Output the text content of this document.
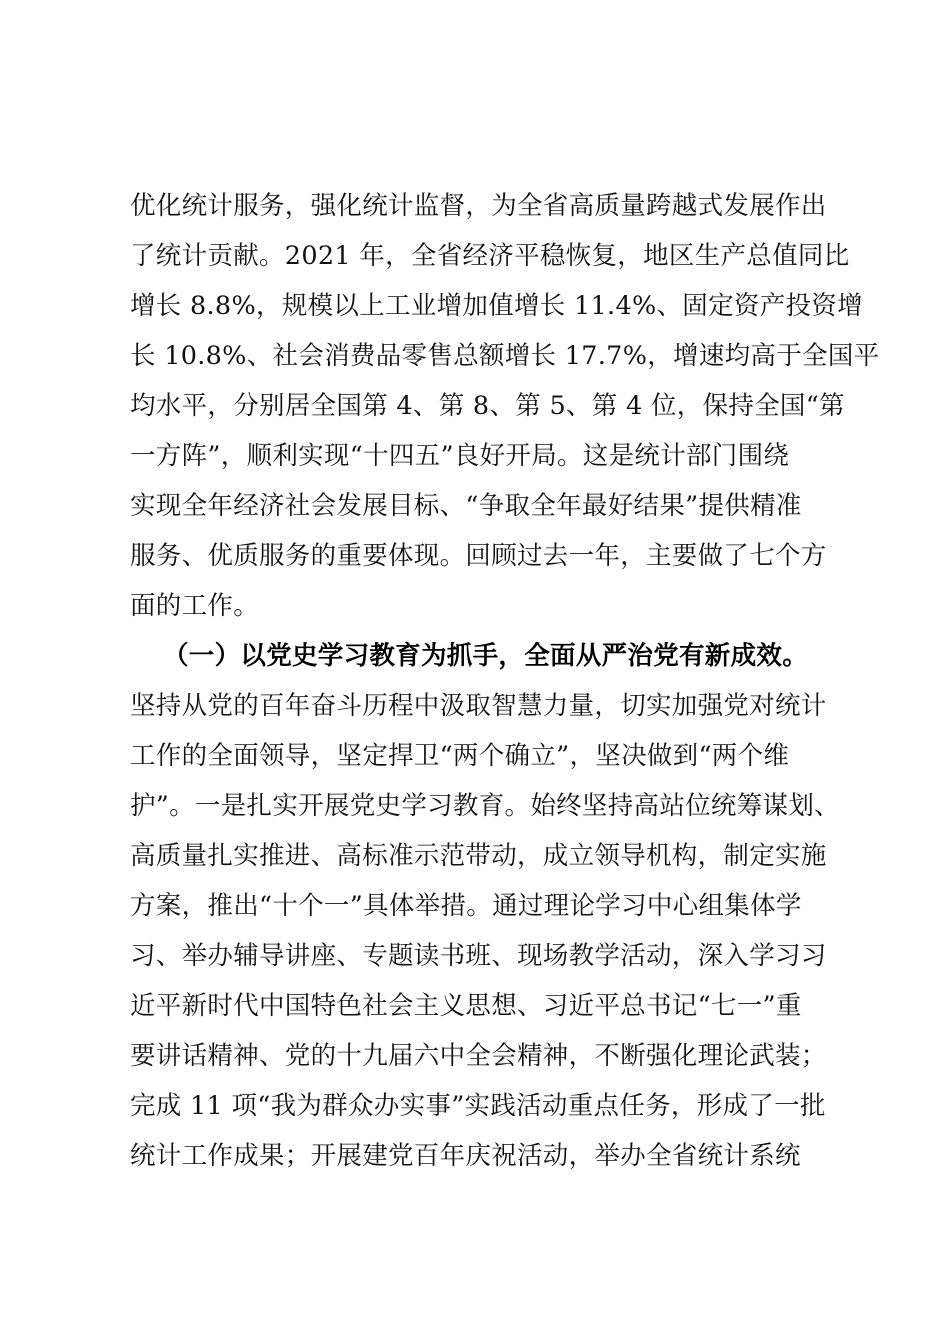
优化统计服务，强化统计监督，为全省高质量跨越式发展作出
了统计贡献。2021 年，全省经济平稳恢复，地区生产总值同比
增长 8.8%，规模以上工业增加值增长 11.4%、固定资产投资增
长 10.8%、社会消费品零售总额增长 17.7%，增速均高于全国平
均水平，分别居全国第 4、第 8、第 5、第 4 位，保持全国“第
一方阵”，顺利实现“十四五”良好开局。这是统计部门围绕
实现全年经济社会发展目标、“争取全年最好结果”提供精准
服务、优质服务的重要体现。回顾过去一年，主要做了七个方
面的工作。
（一）以党史学习教育为抓手，全面从严治党有新成效。
坚持从党的百年奋斗历程中汲取智慧力量，切实加强党对统计
工作的全面领导，坚定捍卫“两个确立”，坚决做到“两个维
护”。一是扎实开展党史学习教育。始终坚持高站位统筹谋划、
高质量扎实推进、高标准示范带动，成立领导机构，制定实施
方案，推出“十个一”具体举措。通过理论学习中心组集体学
习、举办辅导讲座、专题读书班、现场教学活动，深入学习习
近平新时代中国特色社会主义思想、习近平总书记“七一”重
要讲话精神、党的十九届六中全会精神，不断强化理论武装；
完成 11 项“我为群众办实事”实践活动重点任务，形成了一批
统计工作成果；开展建党百年庆祝活动，举办全省统计系统
